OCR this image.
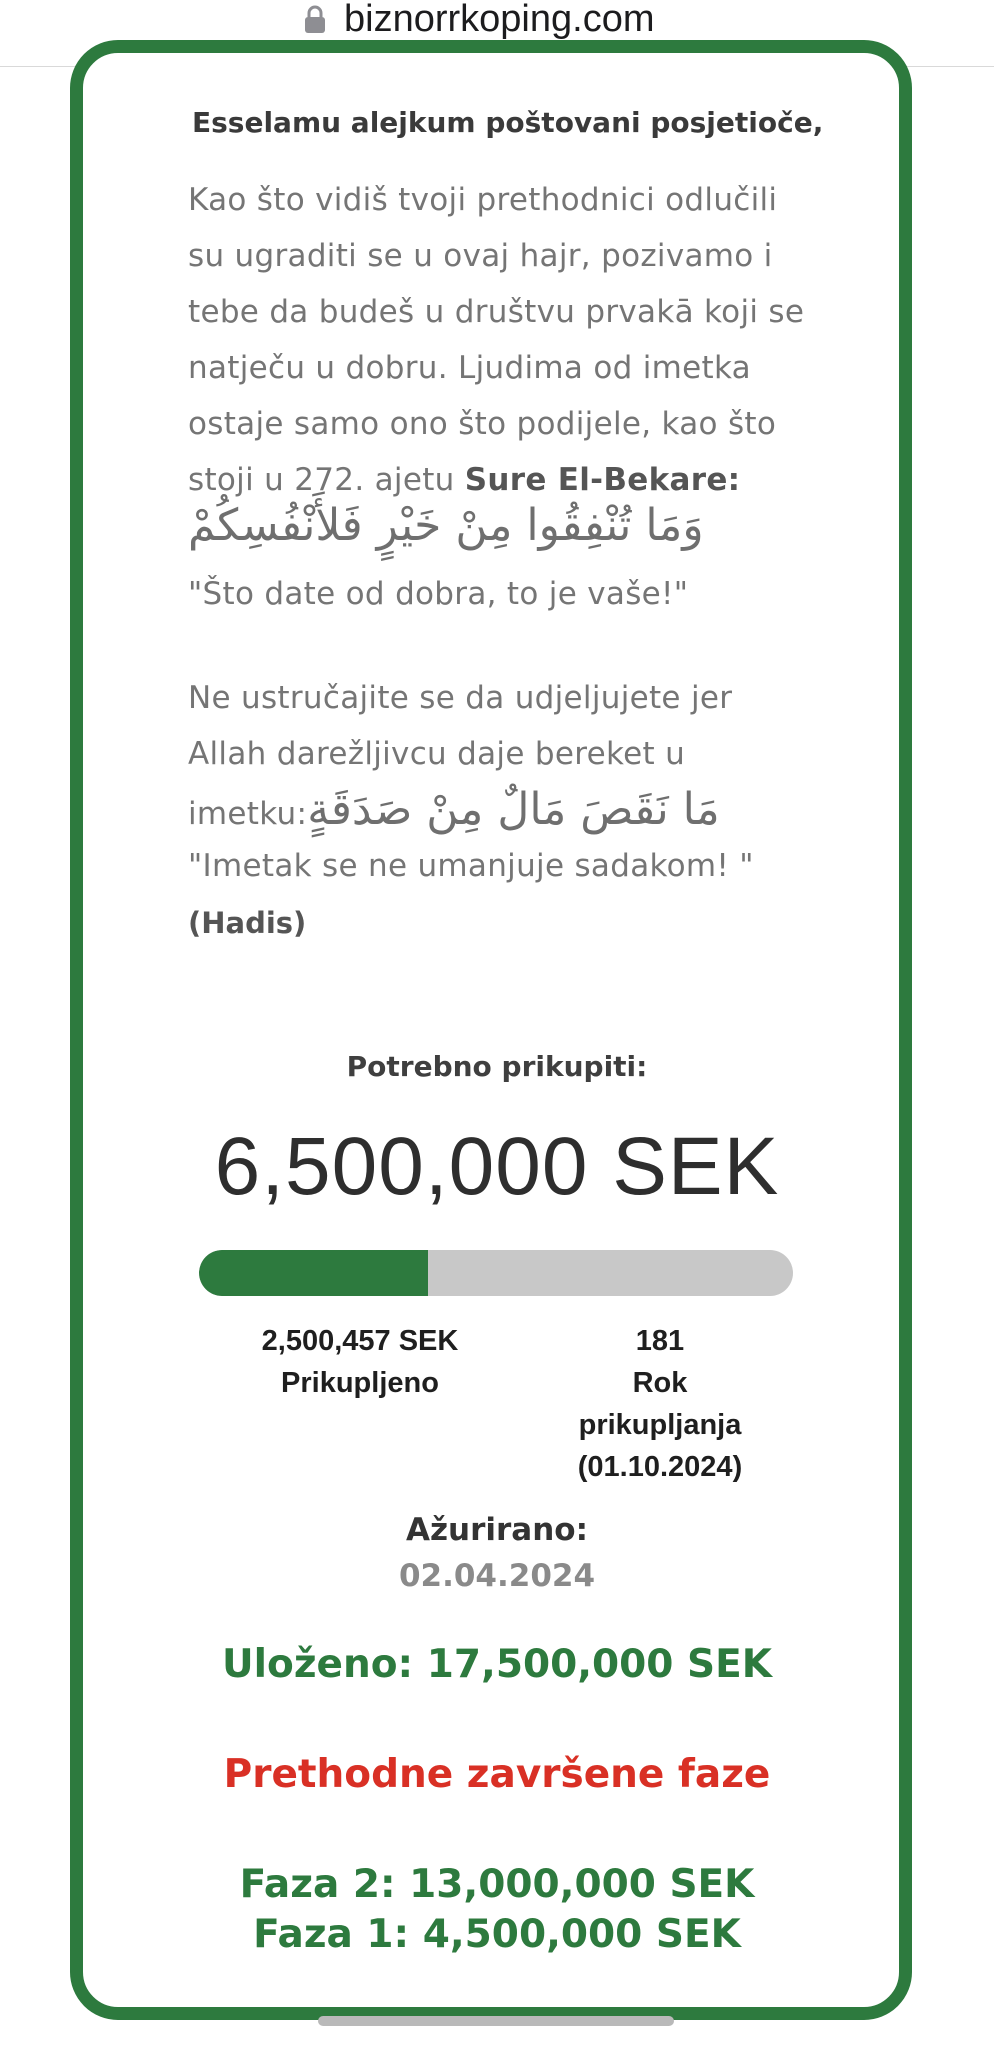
biznorrkoping.com
Esselamu alejkum poštovani posjetioče,
Kao što vidiš tvoji prethodnici odlučili
su ugraditi se u ovaj hajr, pozivamo i
tebe da budeš u društvu prvakā koji se
natječu u dobru. Ljudima od imetka
ostaje samo ono što podijele, kao što
stoji u 272. ajetu Sure El-Bekare:
وَمَا تُنْفِقُوا مِنْ خَيْرٍ فَلأَنْفُسِكُمْ
"Što date od dobra, to je vaše!"
Ne ustručajite se da udjeljujete jer
Allah darežljivcu daje bereket u
imetku:مَا نَقَصَ مَالٌ مِنْ صَدَقَةٍ
"Imetak se ne umanjuje sadakom! "
(Hadis)
Potrebno prikupiti:
6,500,000 SEK
2,500,457 SEK
Prikupljeno
181
Rok
prikupljanja
(01.10.2024)
Ažurirano:
02.04.2024
Uloženo: 17,500,000 SEK
Prethodne završene faze
Faza 2: 13,000,000 SEK
Faza 1: 4,500,000 SEK
